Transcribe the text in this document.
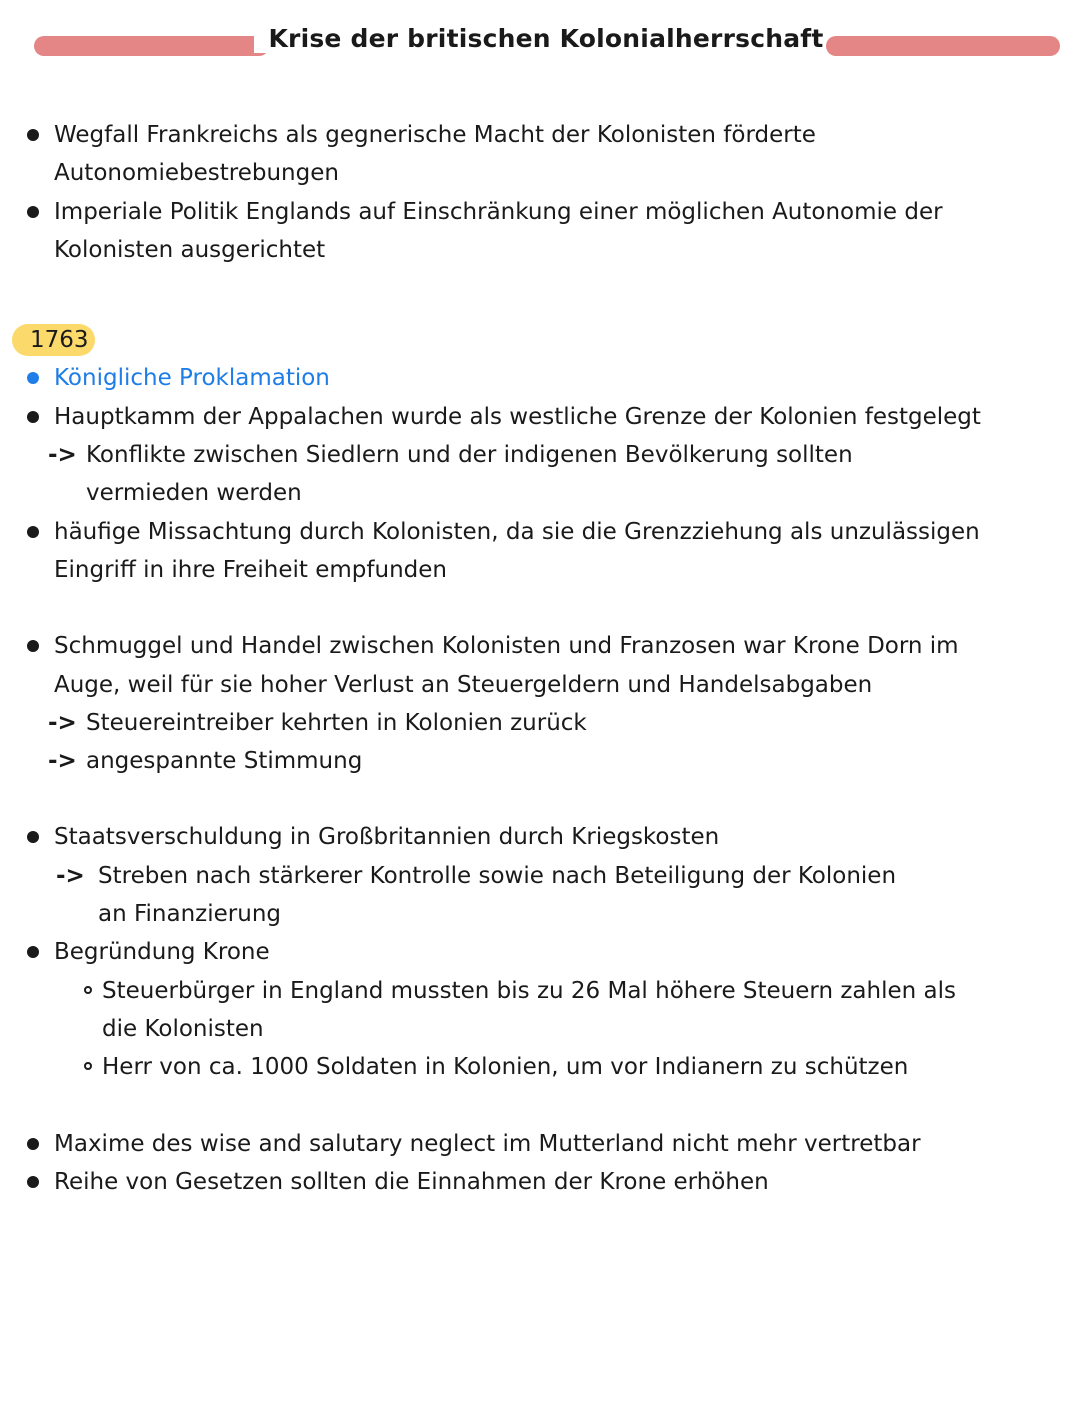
Krise der britischen Kolonialherrschaft
Wegfall Frankreichs als gegnerische Macht der Kolonisten förderte
Autonomiebestrebungen
Imperiale Politik Englands auf Einschränkung einer möglichen Autonomie der
Kolonisten ausgerichtet
1763
Königliche Proklamation
Hauptkamm der Appalachen wurde als westliche Grenze der Kolonien festgelegt
-> Konflikte zwischen Siedlern und der indigenen Bevölkerung sollten
vermieden werden
häufige Missachtung durch Kolonisten, da sie die Grenzziehung als unzulässigen
Eingriff in ihre Freiheit empfunden
Schmuggel und Handel zwischen Kolonisten und Franzosen war Krone Dorn im
Auge, weil für sie hoher Verlust an Steuergeldern und Handelsabgaben
-> Steuereintreiber kehrten in Kolonien zurück
-> angespannte Stimmung
Staatsverschuldung in Großbritannien durch Kriegskosten
-> Streben nach stärkerer Kontrolle sowie nach Beteiligung der Kolonien
an Finanzierung
Begründung Krone
Steuerbürger in England mussten bis zu 26 Mal höhere Steuern zahlen als
die Kolonisten
Herr von ca. 1000 Soldaten in Kolonien, um vor Indianern zu schützen
Maxime des wise and salutary neglect im Mutterland nicht mehr vertretbar
Reihe von Gesetzen sollten die Einnahmen der Krone erhöhen
